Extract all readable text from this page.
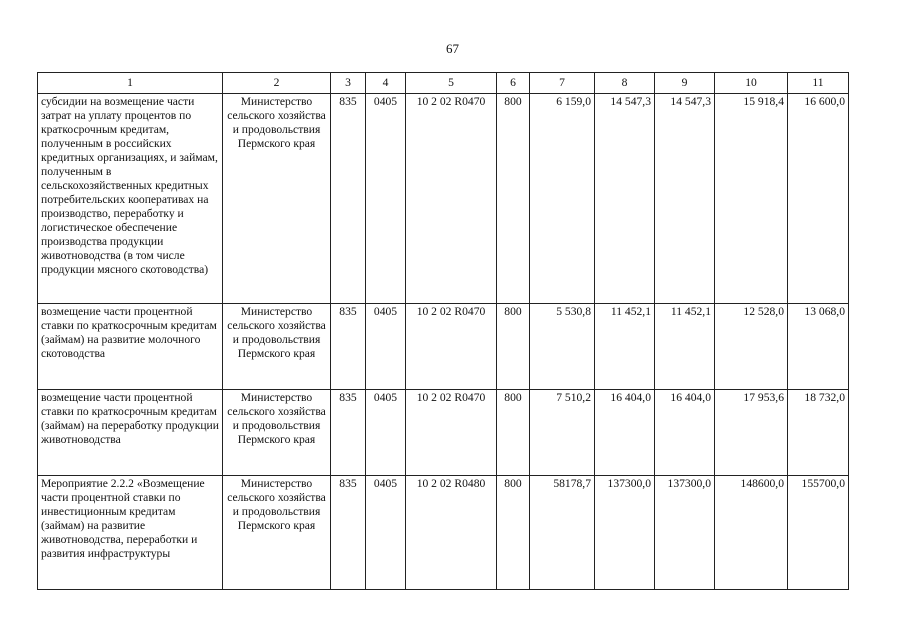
67
1	2	3	4	5	6	7	8	9	10	11
субсидии на возмещение части затрат на уплату процентов по краткосрочным кредитам, полученным в российских кредитных организациях, и займам, полученным в сельскохозяйственных кредитных потребительских кооперативах на производство, переработку и логистическое обеспечение производства продукции животноводства (в том числе продукции мясного скотоводства)	Министерство сельского хозяйства и продовольствия Пермского края	835	0405	10 2 02 R0470	800	6 159,0	14 547,3	14 547,3	15 918,4	16 600,0
возмещение части процентной ставки по краткосрочным кредитам (займам) на развитие молочного скотоводства	Министерство сельского хозяйства и продовольствия Пермского края	835	0405	10 2 02 R0470	800	5 530,8	11 452,1	11 452,1	12 528,0	13 068,0
возмещение части процентной ставки по краткосрочным кредитам (займам) на переработку продукции животноводства	Министерство сельского хозяйства и продовольствия Пермского края	835	0405	10 2 02 R0470	800	7 510,2	16 404,0	16 404,0	17 953,6	18 732,0
Мероприятие 2.2.2 «Возмещение части процентной ставки по инвестиционным кредитам (займам) на развитие животноводства, переработки и развития инфраструктуры	Министерство сельского хозяйства и продовольствия Пермского края	835	0405	10 2 02 R0480	800	58178,7	137300,0	137300,0	148600,0	155700,0
